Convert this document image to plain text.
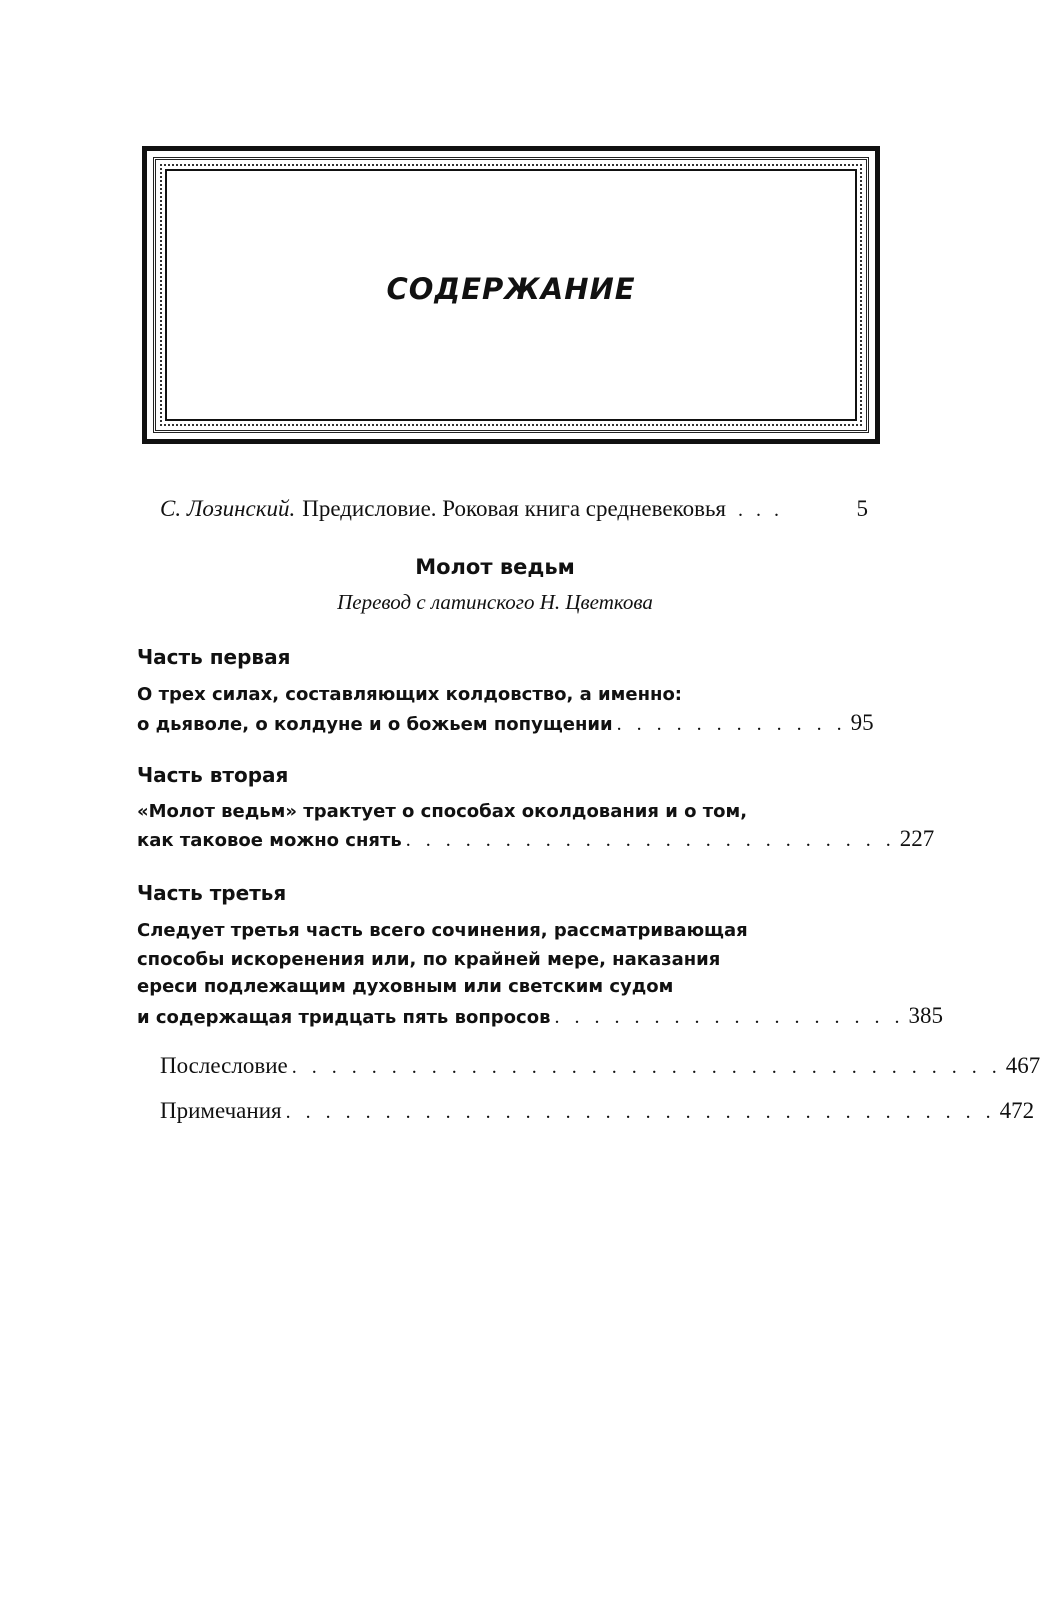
СОДЕРЖАНИЕ
С. Лозинский. Предисловие. Роковая книга средневековья . . .	5
Молот ведьм
Перевод с латинского Н. Цветкова
Часть первая
О трех силах, составляющих колдовство, а именно:
о дьяволе, о колдуне и о божьем попущении . . . . . . . . . . . . 95
Часть вторая
«Молот ведьм» трактует о способах околдования и о том,
как таковое можно снять . . . . . . . . . . . . . . . . . . . . . . . . . 227
Часть третья
Следует третья часть всего сочинения, рассматривающая
способы искоренения или, по крайней мере, наказания
ереси подлежащим духовным или светским судом
и содержащая тридцать пять вопросов . . . . . . . . . . . . . . . . . . 385
Послесловие . . . . . . . . . . . . . . . . . . . . . . . . . . . . . . . . . . . . 467
Примечания . . . . . . . . . . . . . . . . . . . . . . . . . . . . . . . . . . . . 472
